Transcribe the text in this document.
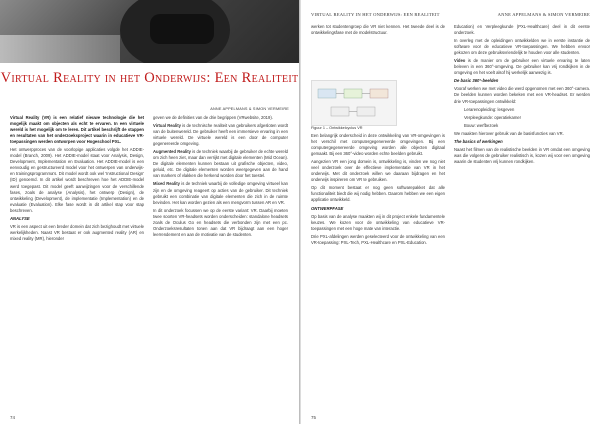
Virtual Reality in het Onderwijs: Een Realiteit
ANNE APPELMANS & SIMON VERMEIRE

Virtual Reality (VR) is een relatief nieuwe technologie die het mogelijk maakt om objecten als echt te ervaren. In een virtuele wereld is het mogelijk om te leren. Dit artikel beschrijft de stappen en resultaten van het onderzoeksproject waarin in educatieve VR-toepassingen werden ontworpen voor Hogeschool PXL.

Het ontwerpproces van de voorlopige applicaties volgde het ADDIE-model (Branch, 2009). Het ADDIE-model staat voor Analysis, Design, Development, Implementation en Evaluation. Het ADDIE-model is een eenvoudig en gestructureerd model voor het ontwerpen van onderwijs- en trainingsprogramma's. Dit model wordt ook wel 'Instructional Design' (ID) genoemd. In dit artikel wordt beschreven hoe het ADDIE-model werd toegepast. Dit model geeft aanwijzingen voor de verschillende fases, zoals de analyse (Analysis), het ontwerp (Design), de ontwikkeling (Development), de implementatie (Implementation) en de evaluatie (Evaluation). Elke fase wordt in dit artikel stap voor stap beschreven.

ANALYSE

VR is een aspect uit een breder domein dat zich bezighoudt met virtuele werkelijkheden. Naast VR bestaat er ook augmented reality (AR) en mixed reality (MR), hieronder

geven we de definities van de drie begrippen (VRwebsite, 2019).

Virtual Reality is de technische realiteit van gebruikers afgesloten wordt van de buitenwereld. De gebruiker heeft een immersieve ervaring in een virtuele wereld. De virtuele wereld is een door de computer gegenereerde omgeving.

Augmented Reality is de techniek waarbij de gebruiker de echte wereld om zich heen ziet, maar dan verrijkt met digitale elementen (Mid Ocean). De digitale elementen kunnen bestaan uit grafische objecten, video, geluid, etc. De digitale elementen worden weergegeven aan de hand van markers of vlakken die herkend worden door het toestel.

Mixed Reality is de techniek waarbij de volledige omgeving virtueel kan zijn en de omgeving reageert op acties van de gebruiker. Dit techniek gebruikt een combinatie van digitale elementen die zich in de ruimte bevinden. Het kan worden gezien als een mengvorm tussen AR en VR.

In dit onderzoek focussen we op de eerste variant: VR. Daarbij moeten twee soorten VR-headsets worden onderscheiden: standalone headsets zoals de Oculus Go en headsets die verbonden zijn met een pc. Onderzoeksresultaten tonen aan dat VR bijdraagt aan een hoger leerrendement en aan de motivatie van de studenten.

74
VIRTUAL REALITY IN HET ONDERWIJS: EEN REALITEIT	ANNE APPELMANS & SIMON VERMEIRE

werken tot studentengroep die VR niet kennen. Het tweede deel is de ontwikkelingsfase met de modelstructuur.

Figuur 1 – Ontwikkelcyclus VR

Een belangrijk onderscheid in deze ontwikkeling van VR-omgevingen is het verschil met computergegenereerde omgevingen. Bij een computergegenereerde omgeving worden alle objecten digitaal gemaakt. Bij een 360°-video worden echte beelden gebruikt.

Aangezien VR een jong domein is, ontwikkeling is, vinden we nog niet veel onderzoek over de effectieve implementatie van VR in het onderwijs. Met dit onderzoek willen we daaraan bijdragen en het onderwijs inspireren om VR te gebruiken.

Op dit moment bestaat er nog geen softwarepakket dat alle functionaliteit biedt die wij nodig hebben. Daarom hebben we een eigen applicatie ontwikkeld.

ONTWERPFASE

Op basis van de analyse maakten wij in dit project enkele fundamentele keuzes. We kozen voor de ontwikkeling van educatieve VR-toepassingen met een hoge mate van interactie.

Drie PXL-afdelingen werden geselecteerd voor de ontwikkeling van een VR-toepassing: PXL-Tech, PXL-Healthcare en PXL-Education.

Education) en Verpleegkunde (PXL-Healthcare) deel in dit eerste onderzoek.

In overleg met de opleidingen ontwikkelden we in eerste instantie de software voor de educatieve VR-toepassingen. We hebben ervoor gekozen om deze gebruiksvriendelijk te houden voor alle studenten.

Video is de manier om de gebruiker een virtuele ervaring te laten beleven in een 360°-omgeving. De gebruiker kan vrij rondkijken in de omgeving en het voelt alsof hij werkelijk aanwezig is.

De basic 360°-beelden

Vooraf werken we met video die werd opgenomen met een 360°-camera. De beelden kunnen worden bekeken met een VR-headset. Er werden drie VR-toepassingen ontwikkeld:

Lerarenopleiding: lesgeven

Verpleegkunde: operatiekamer

Bouw: werfbezoek

We maakten hierover gebruik van de basisfuncties van VR.

The basics of werkingen

Naast het filmen van de realistische beelden in VR omdat een omgeving was die volgens de gebruiker realistisch is, kozen wij voor een omgeving waarin de studenten vrij kunnen rondkijken.

75
